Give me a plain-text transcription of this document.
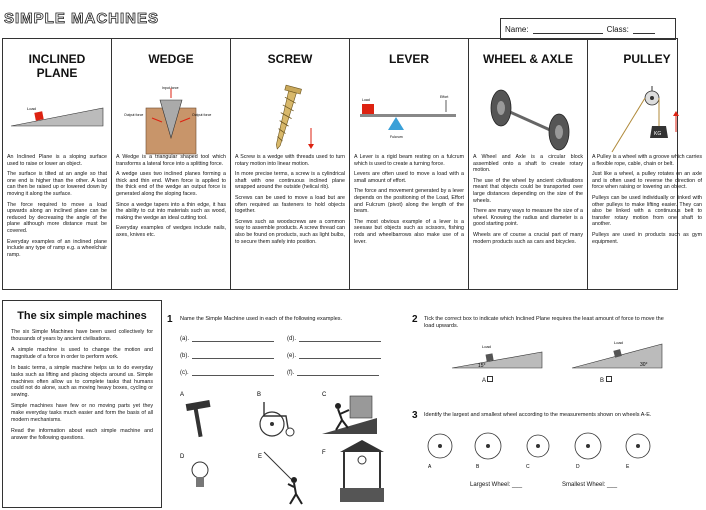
SIMPLE MACHINES
Name:	Class:
INCLINED PLANE
Load

An Inclined Plane is a sloping surface used to raise or lower an object.

The surface is tilted at an angle so that one end is higher than the other. A load can then be raised up or lowered down by moving it along the surface.

The force required to move a load upwards along an inclined plane can be reduced by decreasing the angle of the plane although more distance must be covered.

Everyday examples of an inclined plane include any type of ramp e.g. a wheelchair ramp.

WEDGE
Input force
Output force	Output force

A Wedge is a triangular shaped tool which transforms a lateral force into a splitting force.

A wedge uses two inclined planes forming a thick and thin end. When force is applied to the thick end of the wedge an output force is generated along the sloping faces.

Since a wedge tapers into a thin edge, it has the ability to cut into materials such as wood, making the wedge an ideal cutting tool.

Everyday examples of wedges include nails, axes, knives etc.

SCREW

A Screw is a wedge with threads used to turn rotary motion into linear motion.

In more precise terms, a screw is a cylindrical shaft with one continuous inclined plane wrapped around the outside (helical rib).

Screws can be used to move a load but are often required as fasteners to hold objects together.

Screws such as woodscrews are a common way to assemble products. A screw thread can also be found on products, such as light bulbs, to secure them safely into position.

LEVER
Load
Effort
Fulcrum

A Lever is a rigid beam resting on a fulcrum which is used to create a turning force.

Levers are often used to move a load with a small amount of effort.

The force and movement generated by a lever depends on the positioning of the Load, Effort and Fulcrum (pivot) along the length of the beam.

The most obvious example of a lever is a seesaw but objects such as scissors, fishing rods and wheelbarrows also make use of a lever.

WHEEL & AXLE

A Wheel and Axle is a circular block assembled onto a shaft to create rotary motion.

The use of the wheel by ancient civilisations meant that objects could be transported over large distances depending on the size of the wheels.

There are many ways to measure the size of a wheel. Knowing the radius and diameter is a good starting point.

Wheels are of course a crucial part of many modern products such as cars and bicycles.

PULLEY
KG

A Pulley is a wheel with a groove which carries a flexible rope, cable, chain or belt.

Just like a wheel, a pulley rotates on an axle and is often used to reverse the direction of force when raising or lowering an object.

Pulleys can be used individually or linked with other pulleys to make lifting easier. They can also be linked with a continuous belt to transfer rotary motion from one shaft to another.

Pulleys are used in products such as gym equipment.

The six simple machines

The six Simple Machines have been used collectively for thousands of years by ancient civilisations.

A simple machine is used to change the motion and magnitude of a force in order to perform work.

In basic terms, a simple machine helps us to do everyday tasks such as lifting and placing objects around us. Simple machines often allow us to complete tasks that humans could not do alone, such as moving heavy boxes, cycling or sewing.

Simple machines have few or no moving parts yet they make everyday tasks much easier and form the basis of all modern mechanisms.

Read the information about each simple machine and answer the following questions.

1 Name the Simple Machine used in each of the following examples.
(a).
(b).
(c).
(d).
(e).
(f).
A	B	C
D	E
F
2 Tick the correct box to indicate which Inclined Plane requires the least amount of force to move the load upwards.
Load
15°
Load
30°
A	B
3 Identify the largest and smallest wheel according to the measurements shown on wheels A-E.
A	B	C	D	E
Largest Wheel: ___	Smallest Wheel: ___
